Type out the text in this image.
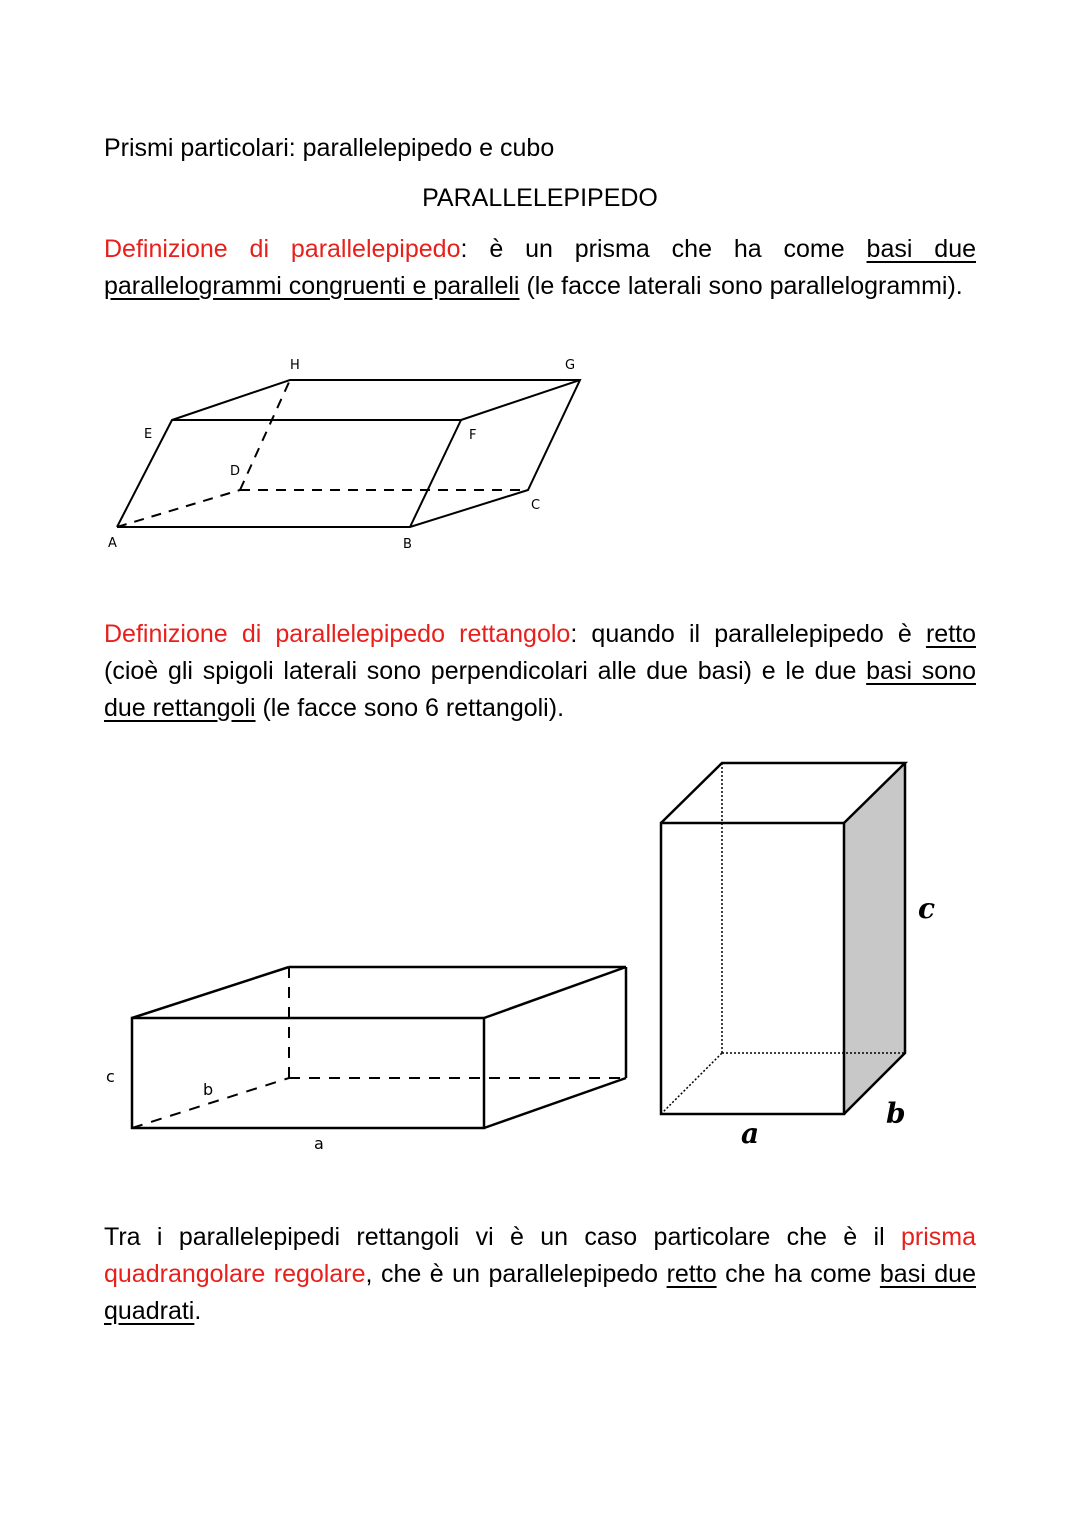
Prismi particolari: parallelepipedo e cubo
PARALLELEPIPEDO
Definizione di parallelepipedo: è un prisma che ha come basi due parallelogrammi congruenti e paralleli (le facce laterali sono parallelogrammi).
H	G
E	F
D
C
A	B
Definizione di parallelepipedo rettangolo: quando il parallelepipedo è retto (cioè gli spigoli laterali sono perpendicolari alle due basi) e le due basi sono due rettangoli (le facce sono 6 rettangoli).
c
b
a
c
b
a
Tra i parallelepipedi rettangoli vi è un caso particolare che è il prisma quadrangolare regolare, che è un parallelepipedo retto che ha come basi due quadrati.
